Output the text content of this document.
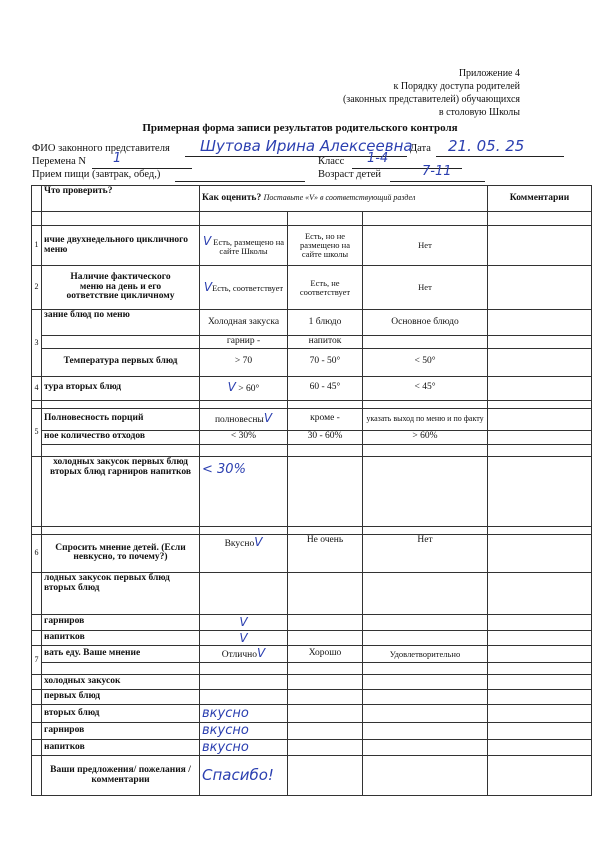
Приложение 4
к Порядку доступа родителей
(законных представителей) обучающихся
в столовую Школы
Примерная форма записи результатов родительского контроля
ФИО законного представителя Шутова Ирина Алексеевна
Дата 21. 05. 25
Перемена N 1	Класс 1-4
Прием пищи (завтрак, обед,)	Возраст детей	7-11
	Что проверить?	Как оценить? Поставьте «V» в соответствующий раздел			Комментарии

1	ичие двухнедельного цикличного меню	V Есть, размещено на сайте Школы	Есть, но не размещено на сайте школы	Нет	
2	Наличие фактического
меню на день и его
оответствие цикличному	VЕсть, соответствует	Есть, не соответствует	Нет	
3	зание блюд по меню	Холодная закуска	1 блюдо	Основное блюдо	
		гарнир -	напиток		
	Температура первых блюд	> 70	70 - 50°	< 50°	
4	тура вторых блюд	V > 60°	60 - 45°	< 45°	

5	Полновесность порций	полновесныV	кроме -	указать выход по меню и по факту	
	ное количество отходов	< 30%	30 - 60%	> 60%	

	холодных закусок первых блюд вторых блюд гарниров напитков	< 30%			

6	Спросить мнение детей. (Если невкусно, то почему?)	ВкусноV	Не очень	Нет	
	лодных закусок первых блюд вторых блюд				
	гарниров	V			
	напитков	V			
7	вать еду. Ваше мнение	ОтличноV	Хорошо	Удовлетворительно	

	холодных закусок				
	первых блюд				
	вторых блюд	вкусно			
	гарниров	вкусно			
	напитков	вкусно			
	Ваши предложения/ пожелания / комментарии	Спасибо!			
